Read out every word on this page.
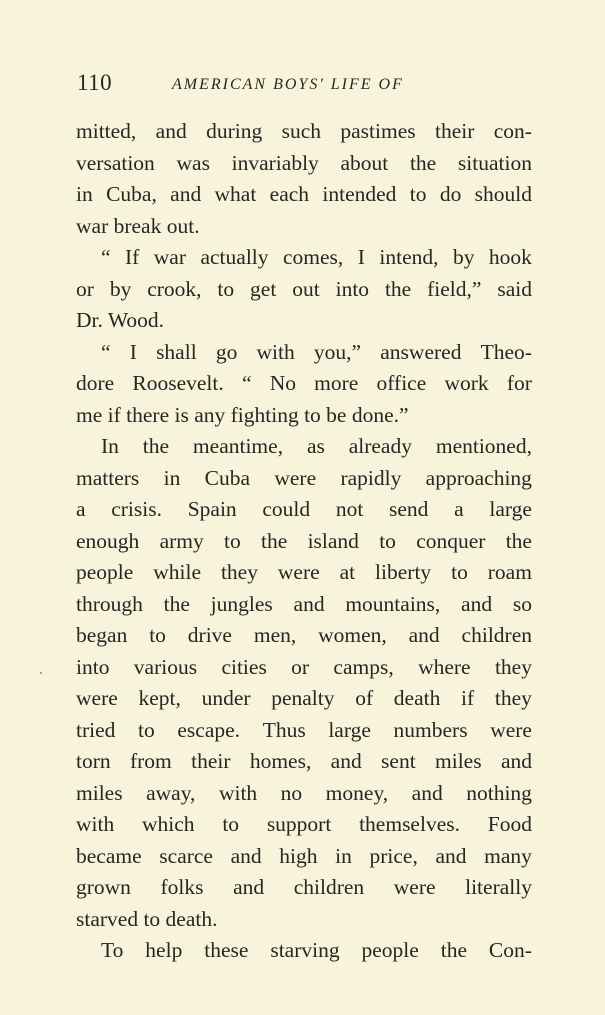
110	AMERICAN BOYS' LIFE OF
mitted, and during such pastimes their con-
versation was invariably about the situation
in Cuba, and what each intended to do should
war break out.
“ If war actually comes, I intend, by hook
or by crook, to get out into the field,” said
Dr. Wood.
“ I shall go with you,” answered Theo-
dore Roosevelt. “ No more office work for
me if there is any fighting to be done.”
In the meantime, as already mentioned,
matters in Cuba were rapidly approaching
a crisis. Spain could not send a large
enough army to the island to conquer the
people while they were at liberty to roam
through the jungles and mountains, and so
began to drive men, women, and children
into various cities or camps, where they
were kept, under penalty of death if they
tried to escape. Thus large numbers were
torn from their homes, and sent miles and
miles away, with no money, and nothing
with which to support themselves. Food
became scarce and high in price, and many
grown folks and children were literally
starved to death.
To help these starving people the Con-
